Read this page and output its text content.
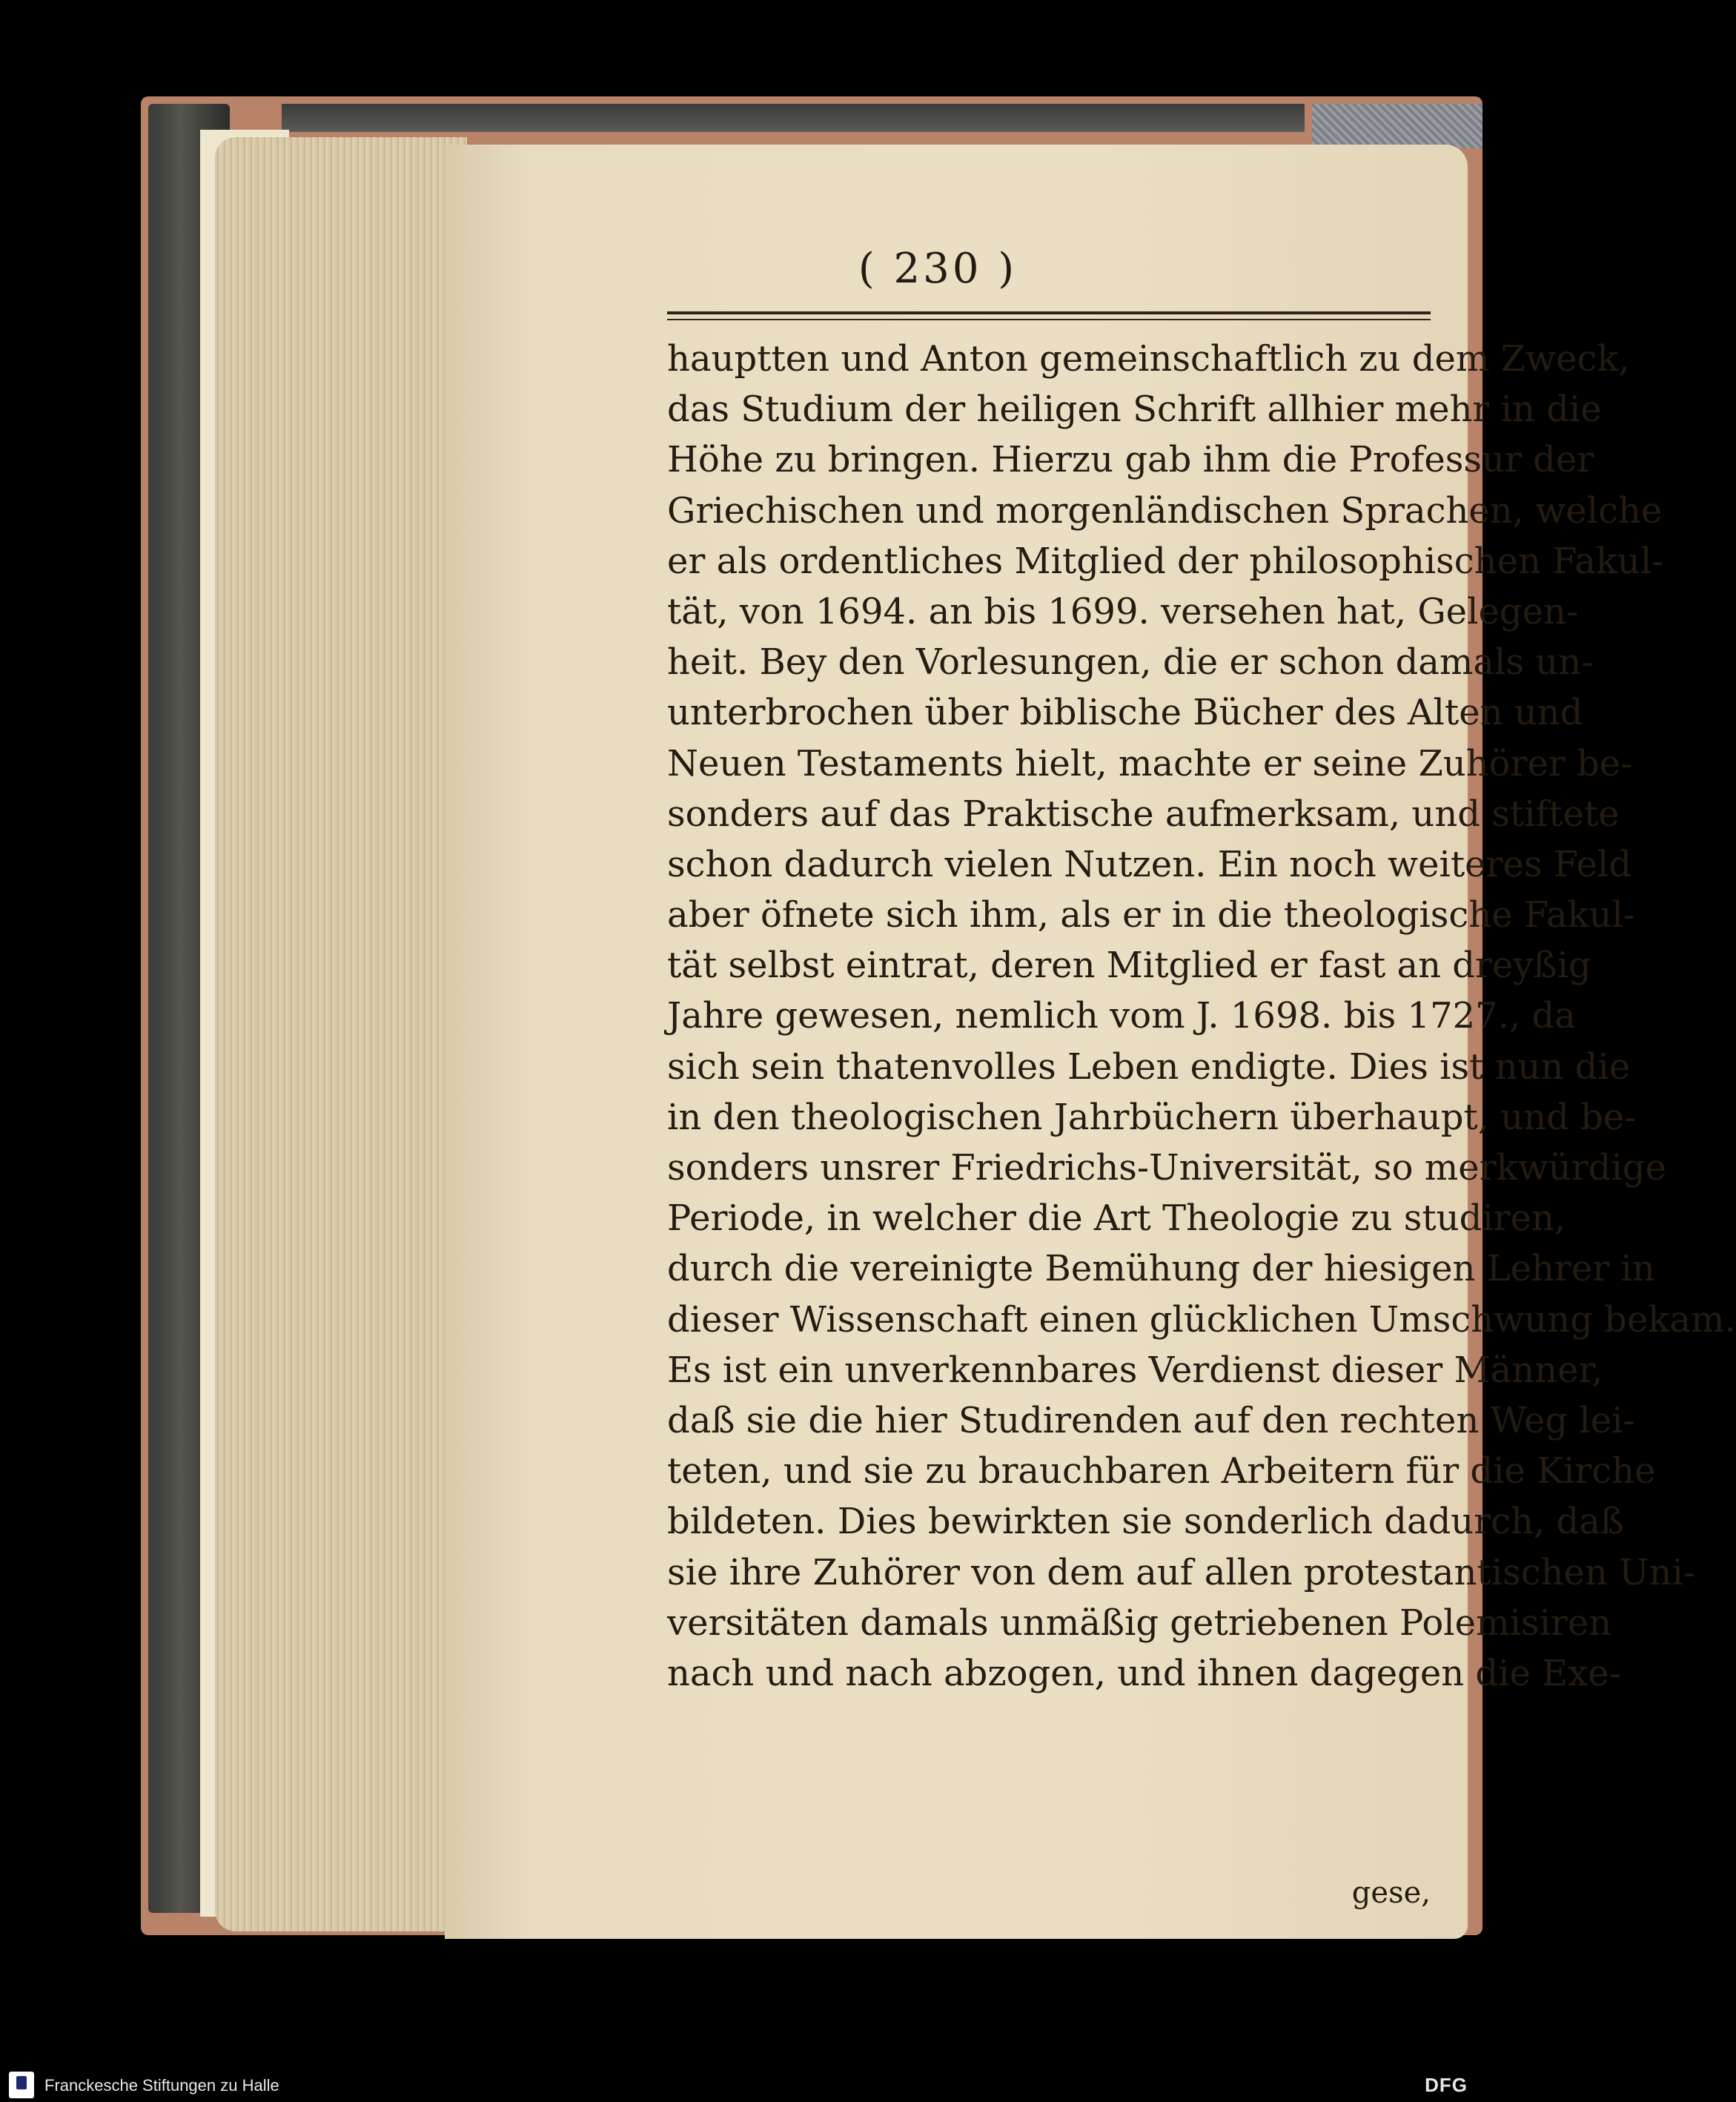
( 230 )
hauptten und Anton gemeinschaftlich zu dem Zweck,
das Studium der heiligen Schrift allhier mehr in die
Höhe zu bringen. Hierzu gab ihm die Professur der
Griechischen und morgenländischen Sprachen, welche
er als ordentliches Mitglied der philosophischen Fakul-
tät, von 1694. an bis 1699. versehen hat, Gelegen-
heit. Bey den Vorlesungen, die er schon damals un-
unterbrochen über biblische Bücher des Alten und
Neuen Testaments hielt, machte er seine Zuhörer be-
sonders auf das Praktische aufmerksam, und stiftete
schon dadurch vielen Nutzen. Ein noch weiteres Feld
aber öfnete sich ihm, als er in die theologische Fakul-
tät selbst eintrat, deren Mitglied er fast an dreyßig
Jahre gewesen, nemlich vom J. 1698. bis 1727., da
sich sein thatenvolles Leben endigte. Dies ist nun die
in den theologischen Jahrbüchern überhaupt, und be-
sonders unsrer Friedrichs-Universität, so merkwürdige
Periode, in welcher die Art Theologie zu studiren,
durch die vereinigte Bemühung der hiesigen Lehrer in
dieser Wissenschaft einen glücklichen Umschwung bekam.
Es ist ein unverkennbares Verdienst dieser Männer,
daß sie die hier Studirenden auf den rechten Weg lei-
teten, und sie zu brauchbaren Arbeitern für die Kirche
bildeten. Dies bewirkten sie sonderlich dadurch, daß
sie ihre Zuhörer von dem auf allen protestantischen Uni-
versitäten damals unmäßig getriebenen Polemisiren
nach und nach abzogen, und ihnen dagegen die Exe-
gese,
Franckesche Stiftungen zu Halle	DFG
